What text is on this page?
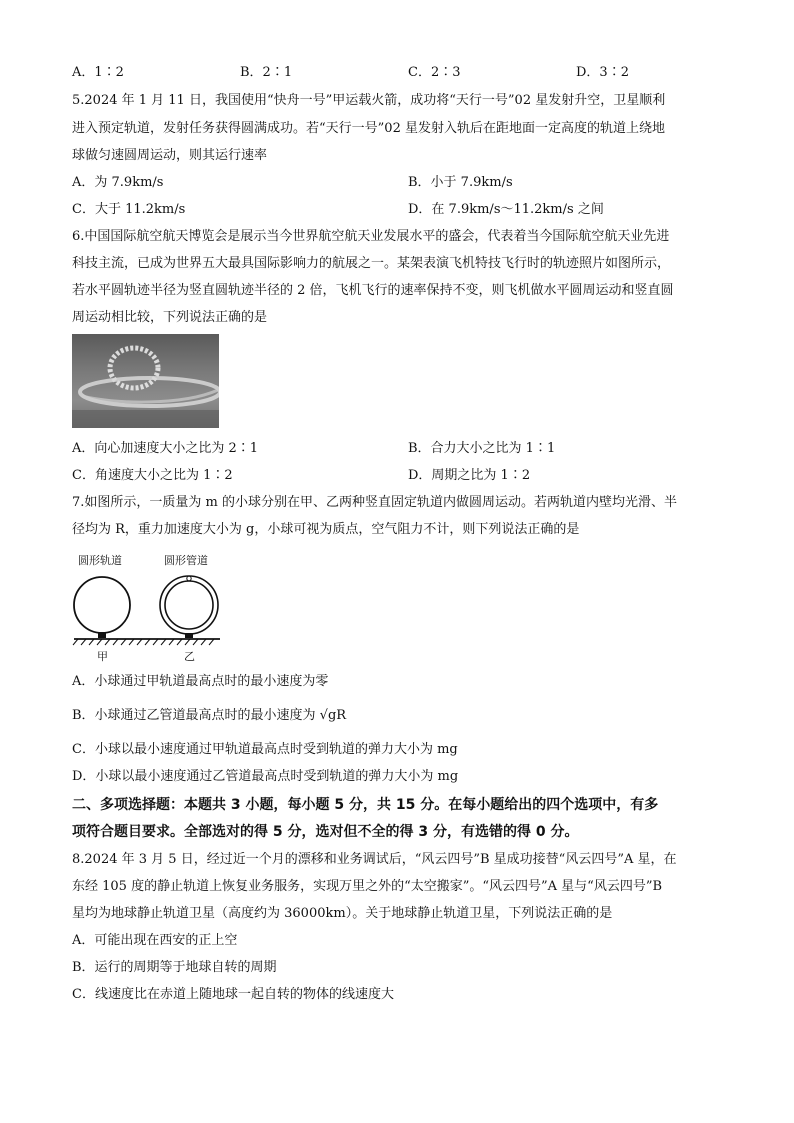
A．1∶2	B．2∶1	C．2∶3	D．3∶2
5.2024 年 1 月 11 日，我国使用“快舟一号”甲运载火箭，成功将“天行一号”02 星发射升空，卫星顺利
进入预定轨道，发射任务获得圆满成功。若“天行一号”02 星发射入轨后在距地面一定高度的轨道上绕地
球做匀速圆周运动，则其运行速率
A．为 7.9km/s	B．小于 7.9km/s
C．大于 11.2km/s	D．在 7.9km/s～11.2km/s 之间
6.中国国际航空航天博览会是展示当今世界航空航天业发展水平的盛会，代表着当今国际航空航天业先进
科技主流，已成为世界五大最具国际影响力的航展之一。某架表演飞机特技飞行时的轨迹照片如图所示，
若水平圆轨迹半径为竖直圆轨迹半径的 2 倍，飞机飞行的速率保持不变，则飞机做水平圆周运动和竖直圆
周运动相比较，下列说法正确的是
A．向心加速度大小之比为 2∶1	B．合力大小之比为 1∶1
C．角速度大小之比为 1∶2	D．周期之比为 1∶2
7.如图所示，一质量为 m 的小球分别在甲、乙两种竖直固定轨道内做圆周运动。若两轨道内壁均光滑、半
径均为 R，重力加速度大小为 g，小球可视为质点，空气阻力不计，则下列说法正确的是
圆形轨道	圆形管道
甲	乙
A．小球通过甲轨道最高点时的最小速度为零
B．小球通过乙管道最高点时的最小速度为 √gR
C．小球以最小速度通过甲轨道最高点时受到轨道的弹力大小为 mg
D．小球以最小速度通过乙管道最高点时受到轨道的弹力大小为 mg
二、多项选择题：本题共 3 小题，每小题 5 分，共 15 分。在每小题给出的四个选项中，有多
项符合题目要求。全部选对的得 5 分，选对但不全的得 3 分，有选错的得 0 分。
8.2024 年 3 月 5 日，经过近一个月的漂移和业务调试后，“风云四号”B 星成功接替“风云四号”A 星，在
东经 105 度的静止轨道上恢复业务服务，实现万里之外的“太空搬家”。“风云四号”A 星与“风云四号”B
星均为地球静止轨道卫星（高度约为 36000km）。关于地球静止轨道卫星，下列说法正确的是
A．可能出现在西安的正上空
B．运行的周期等于地球自转的周期
C．线速度比在赤道上随地球一起自转的物体的线速度大
